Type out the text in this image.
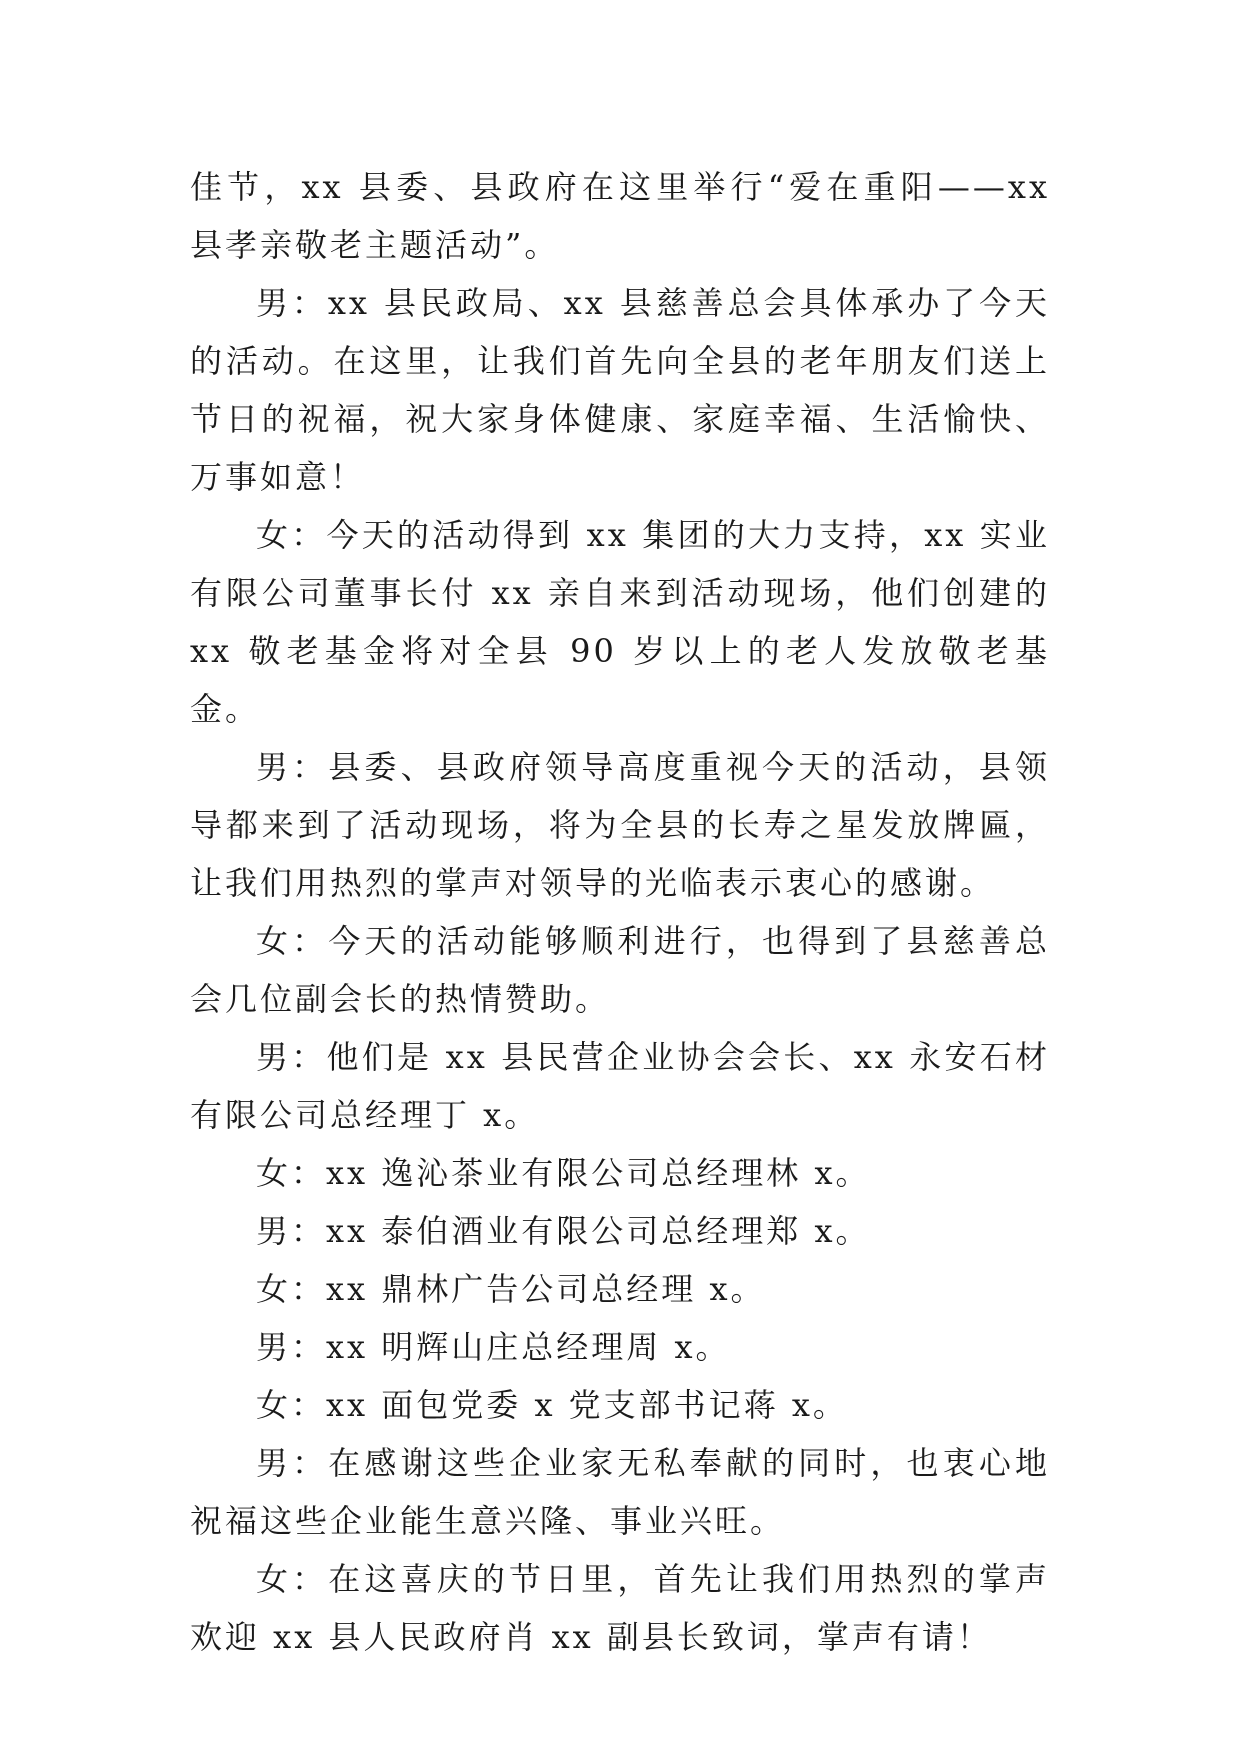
佳节，xx 县委、县政府在这里举行“爱在重阳——xx 县孝亲敬老主题活动”。

男：xx 县民政局、xx 县慈善总会具体承办了今天的活动。在这里，让我们首先向全县的老年朋友们送上节日的祝福，祝大家身体健康、家庭幸福、生活愉快、万事如意！

女：今天的活动得到 xx 集团的大力支持，xx 实业有限公司董事长付 xx 亲自来到活动现场，他们创建的 xx 敬老基金将对全县 90 岁以上的老人发放敬老基金。

男：县委、县政府领导高度重视今天的活动，县领导都来到了活动现场，将为全县的长寿之星发放牌匾，让我们用热烈的掌声对领导的光临表示衷心的感谢。

女：今天的活动能够顺利进行，也得到了县慈善总会几位副会长的热情赞助。

男：他们是 xx 县民营企业协会会长、xx 永安石材有限公司总经理丁 x。

女：xx 逸沁茶业有限公司总经理林 x。

男：xx 泰伯酒业有限公司总经理郑 x。

女：xx 鼎林广告公司总经理 x。

男：xx 明辉山庄总经理周 x。

女：xx 面包党委 x 党支部书记蒋 x。

男：在感谢这些企业家无私奉献的同时，也衷心地祝福这些企业能生意兴隆、事业兴旺。

女：在这喜庆的节日里，首先让我们用热烈的掌声欢迎 xx 县人民政府肖 xx 副县长致词，掌声有请！
